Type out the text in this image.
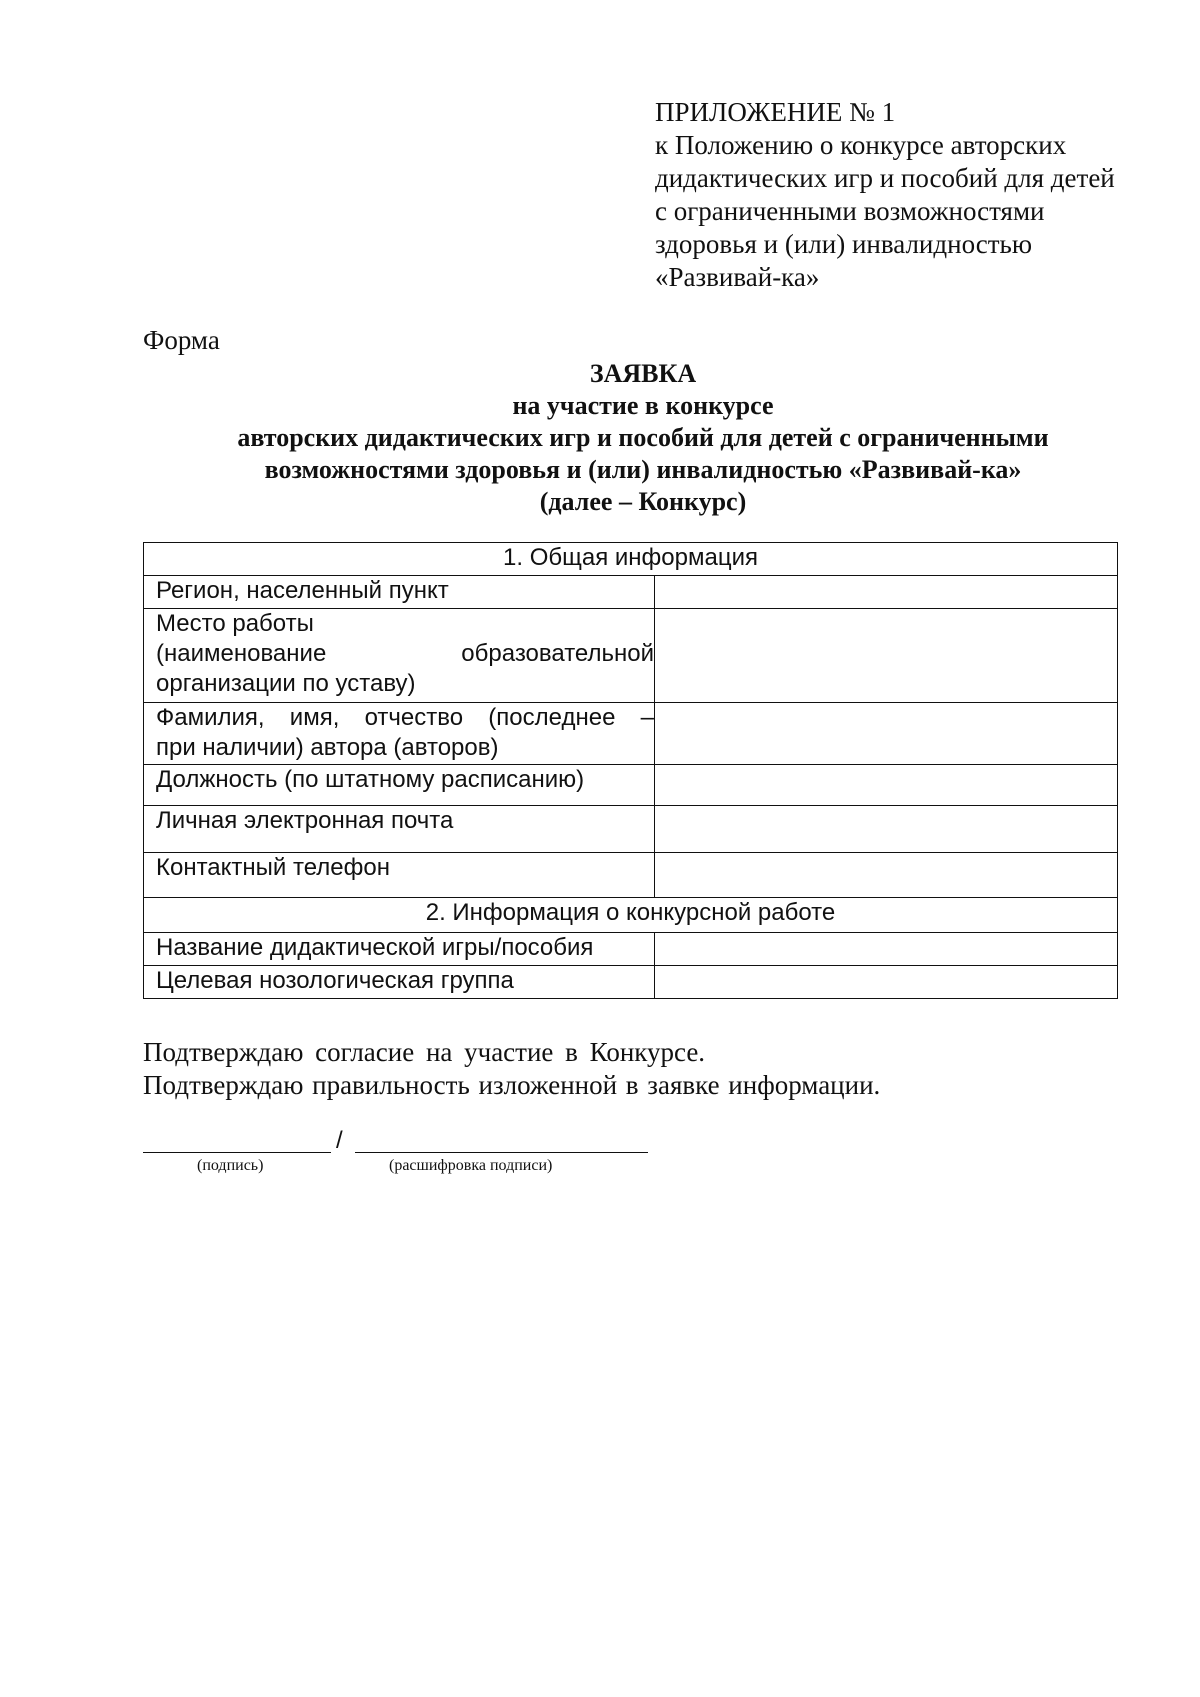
ПРИЛОЖЕНИЕ № 1
к Положению о конкурсе авторских
дидактических игр и пособий для детей
с ограниченными возможностями
здоровья и (или) инвалидностью
«Развивай-ка»
Форма
ЗАЯВКА
на участие в конкурсе
авторских дидактических игр и пособий для детей с ограниченными
возможностями здоровья и (или) инвалидностью «Развивай-ка»
(далее – Конкурс)
1. Общая информация	
Регион, населенный пункт	

Место работы
(наименование образовательной
организации по уставу)	

Фамилия, имя, отчество (последнее –
при наличии) автора (авторов)	

Должность (по штатному расписанию)	
Личная электронная почта	
Контактный телефон	
2. Информация о конкурсной работе	
Название дидактической игры/пособия	
Целевая нозологическая группа	
Подтверждаю согласие на участие в Конкурсе.
Подтверждаю правильность изложенной в заявке информации.
/
(подпись)	(расшифровка подписи)
